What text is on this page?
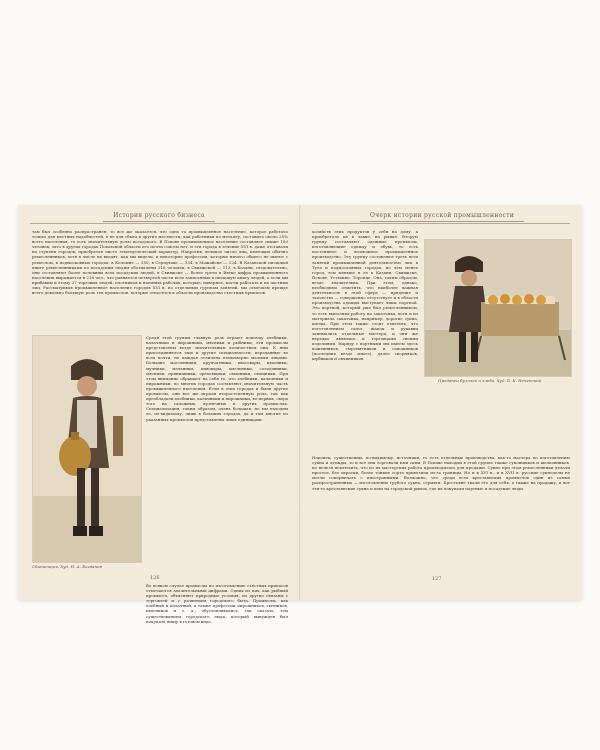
История русского бизнеса
там был особенно распространен, то все же оказается, что одно то промышленное население, которое работало только для местных надобностей, а не для сбыта в другие местности, как работники по металлу, составило около 25% всего населения, то есть значительную долю посадского. В Пскове промышленное население составляет свыше 180 человек, зато в других городах Псковской области его почти совсем нет, и эти города в течение XVI в. даже отставали на ступени городов, приобретая чисто земледельческий характер. Напротив, великое число лиц, имеющих обычно ремесленников, хотя в числе их входят, как мы видели, и некоторые профессии, которые ничего общего не имеют с ремеслом, в подмосковных городах: в Коломне — 150, в Серпухове — 334, в Можайске — 224. В Казанской писцовой книге ремесленниками по посадским людям обозначены 318 человек, в Свияжской — 113, в Казани, следовательно, они составляют более половины всех посадских людей, в Свияжске — более трети в Вятке цифра промышленного населения выражается в 216 чел., что равняется четвертой части всех записанных в писцовую книгу людей, а если мы прибавим к этому 27 торговых людей, плотников и наемных рабочих, которые, наверное, могли работать и на частных лиц. Рассматривая промышленное население городов XVI в. по отдельным группам занятий, мы отмечаем прежде всего довольно большую роль тех промыслов, которые относятся к области производства съестных припасов.
Сбитенщик. Худ. Н. А. Богданов
Среди этой группы главную роль играют повсюду хлебники, калачники и пирожники, мясники и рыбники; эти промыслы представлены везде значительным количеством лиц. К ним присоединяются еще и другие специальности, переданные во всех почти, но каждая отличена неимоверно малыми лицами. Большие масленники, крупчатники, квасовары, квасники, мучники, мельники, пивовары, хмельники, солодовники, мясники, прянишники, ореховщики, свешники, овощники. При этом внимание обращает на себя то, что хлебники, калачники и пирожники, во многих городах составляют значительную часть промышленного населения. Если в этих городах и были другие промыслы, они все же играли второстепенную роль, так как преобладали хлебники, калачники и пирожники, во-первых, сверх того на сапожных, кузнечных и других промыслах. Специализация, таким образом, очень большая, но мы находим ее, по-видимому, лишь в больших городах, да и там многие из указанных промыслов представлены лишь единицами.
126
Во всяком случае промыслы по изготовлению съестных припасов отмечаются значительными цифрами. Одних из них, как рыбный промысел, объясняют природные условия, но другие связаны с торговлей и с развитием городского быта. Промыслы, как хлебный и калачный, а также профессии пирожников, сытников, квасников и т. д., обусловливались, так сказать, тем существованием городского люда, который вынужден был покупать пищу в готовом виде.
Очерк истории русской промышленности
хозяйств этих продуктов у себя на дому, а приобретало их в лавке, на рынке. Вторую группу составляют одежные промыслы, изготовляющие одежду и обувь, то есть постоянное и возможное промышленное производство. Эту группу составляют треть всех занятий промышленной деятельностью лиц в Туле и подмосковных городах, но чем менее город, тем меньше и ее в Казани, Свияжске, Пскове, Устюжне, Торопце. Она, таким образом, везде значительна. При этом, однако, необходимо отметить, что наиболее важная деятельность в этой сфере — прядение и ткачество — совершенно отсутствует и в области производства одежды выступает лишь портной. Это портной, который уже был ремесленником, то есть выполнял работу на заказчика, хотя и из материала заказчика, например, дорогие сукна, шелка. При этом также стоит отметить, что изготовлением сапог, шапок и рукавиц занимались отдельные мастера, и они же нередко являлись и торговцами своими изделиями. Наряду с портными мы имеем здесь кожевников, сыромятников и сапожников (последних везде много), далее скорняков, шубников и овчинников.
Продавец булочек и хлеба. Худ. Б. К. Неченский
Наконец, существенны, по-видимому, источники, то есть отдельные производства, как-то мастера по изготовлению сукна и одежды, то и все они торговали ими сами. В Пскове находим в этой группе также суконщиков и шелковников, но нельзя исключить, что из их мастерских работа производилась для продажи. Сукно при этом ремесленники делали простое, без окраски, более тонкие сорта привозили из-за границы. Но и в XVI в., и в XVII в. русские сукноделы не могли соперничать с иностранными. Возможно, что среди всех крестьянских промыслов один из самых распространенных — изготовление грубого сукна, сермяги. Крестьяне ткали его для себя, а также на продажу, и вот эти-то крестьянские сукна и шли на городской рынок, где их покупали портные и посадские люди.
127
